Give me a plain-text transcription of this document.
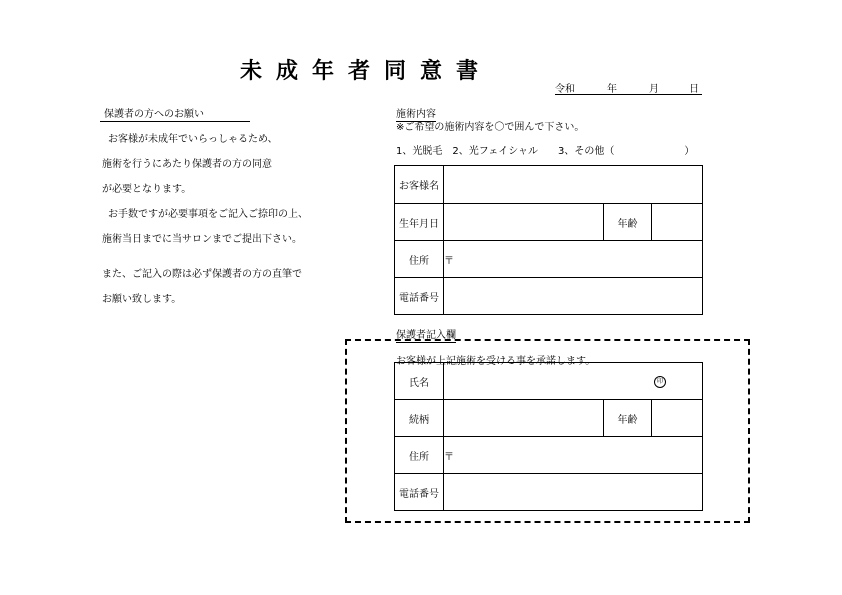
未成年者同意書
令和	年	月	日
保護者の方へのお願い
お客様が未成年でいらっしゃるため、
施術を行うにあたり保護者の方の同意
が必要となります。
お手数ですが必要事項をご記入ご捺印の上、
施術当日までに当サロンまでご提出下さい。
また、ご記入の際は必ず保護者の方の直筆で
お願い致します。
施術内容
※ご希望の施術内容を〇で囲んで下さい。
1、光脱毛　2、光フェイシャル　　3、その他（　　　　　　　）
お客様名			
生年月日		年齢	
住所	〒		
電話番号			
保護者記入欄
お客様が上記施術を受ける事を承諾します。
氏名	印		
続柄		年齢	
住所	〒		
電話番号			
